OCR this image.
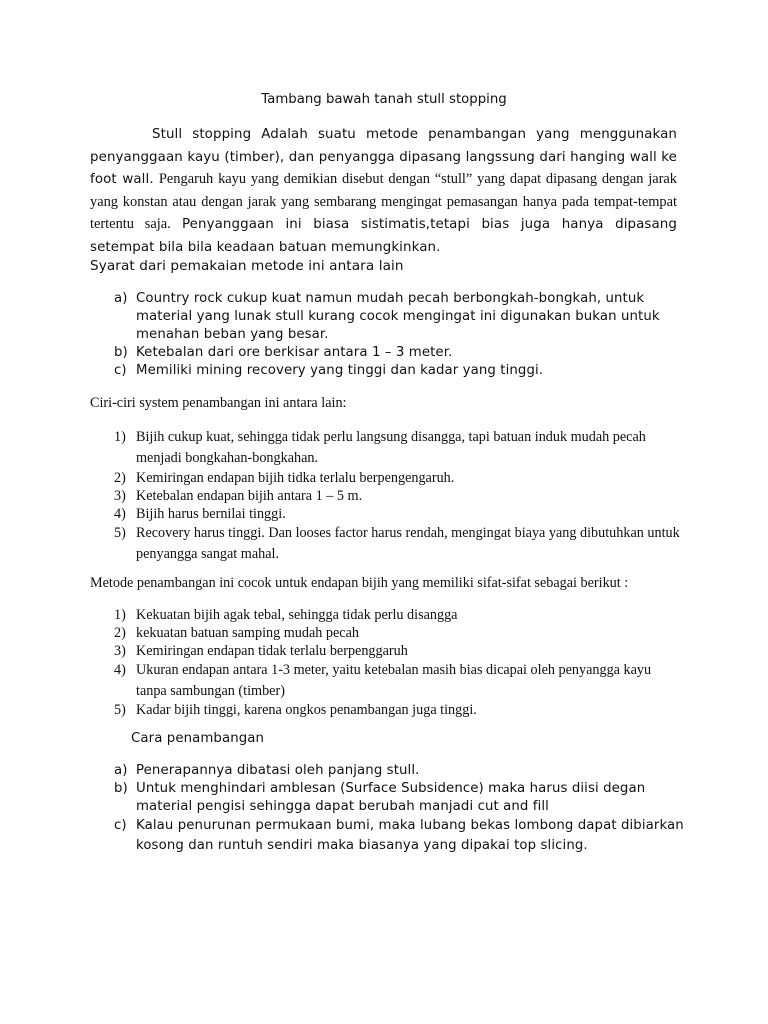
Tambang bawah tanah stull stopping

Stull stopping Adalah suatu metode penambangan yang menggunakan penyanggaan kayu (timber), dan penyangga dipasang langssung dari hanging wall ke foot wall. Pengaruh kayu yang demikian disebut dengan “stull” yang dapat dipasang dengan jarak yang konstan atau dengan jarak yang sembarang mengingat pemasangan hanya pada tempat-tempat tertentu saja. Penyanggaan ini biasa sistimatis,tetapi bias juga hanya dipasang setempat bila bila keadaan batuan memungkinkan.

Syarat dari pemakaian metode ini antara lain

a) Country rock cukup kuat namun mudah pecah berbongkah-bongkah, untuk material yang lunak stull kurang cocok mengingat ini digunakan bukan untuk menahan beban yang besar.
b) Ketebalan dari ore berkisar antara 1 – 3 meter.
c) Memiliki mining recovery yang tinggi dan kadar yang tinggi.

Ciri-ciri system penambangan ini antara lain:

1) Bijih cukup kuat, sehingga tidak perlu langsung disangga, tapi batuan induk mudah pecah menjadi bongkahan-bongkahan.
2) Kemiringan endapan bijih tidka terlalu berpengengaruh.
3) Ketebalan endapan bijih antara 1 – 5 m.
4) Bijih harus bernilai tinggi.
5) Recovery harus tinggi. Dan looses factor harus rendah, mengingat biaya yang dibutuhkan untuk penyangga sangat mahal.

Metode penambangan ini cocok untuk endapan bijih yang memiliki sifat-sifat sebagai berikut :

1) Kekuatan bijih agak tebal, sehingga tidak perlu disangga
2) kekuatan batuan samping mudah pecah
3) Kemiringan endapan tidak terlalu berpenggaruh
4) Ukuran endapan antara 1-3 meter, yaitu ketebalan masih bias dicapai oleh penyangga kayu tanpa sambungan (timber)
5) Kadar bijih tinggi, karena ongkos penambangan juga tinggi.

Cara penambangan

a) Penerapannya dibatasi oleh panjang stull.
b) Untuk menghindari amblesan (Surface Subsidence) maka harus diisi degan material pengisi sehingga dapat berubah manjadi cut and fill
c) Kalau penurunan permukaan bumi, maka lubang bekas lombong dapat dibiarkan kosong dan runtuh sendiri maka biasanya yang dipakai top slicing.
